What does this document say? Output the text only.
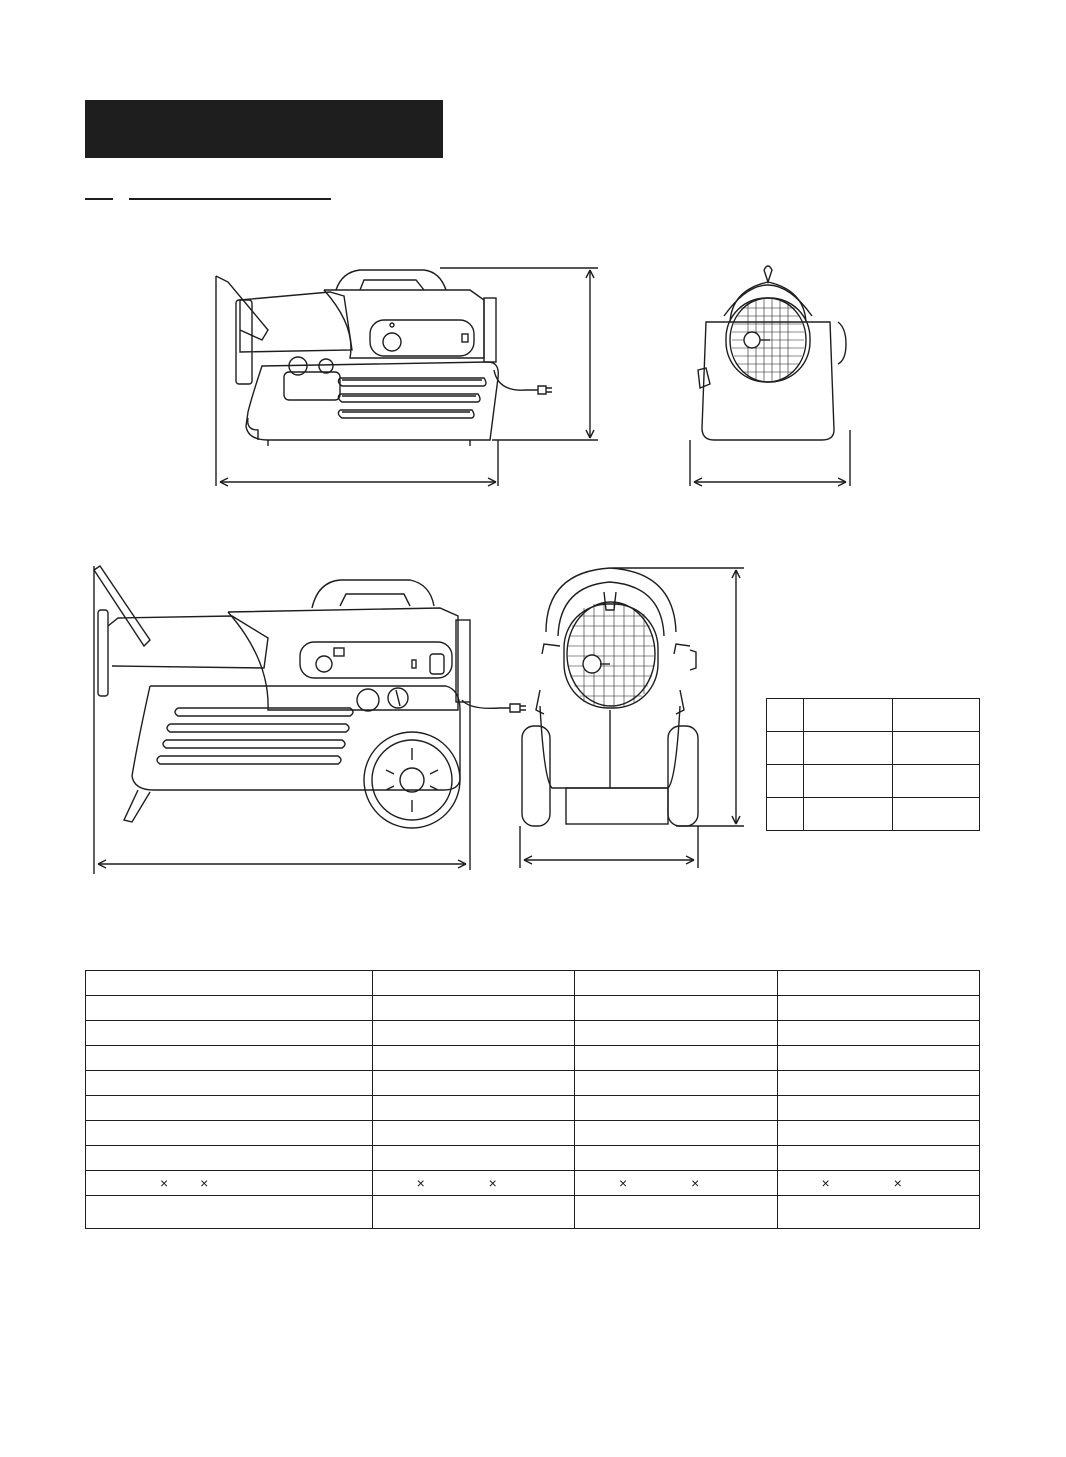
× ×	× ×	× ×	× ×
